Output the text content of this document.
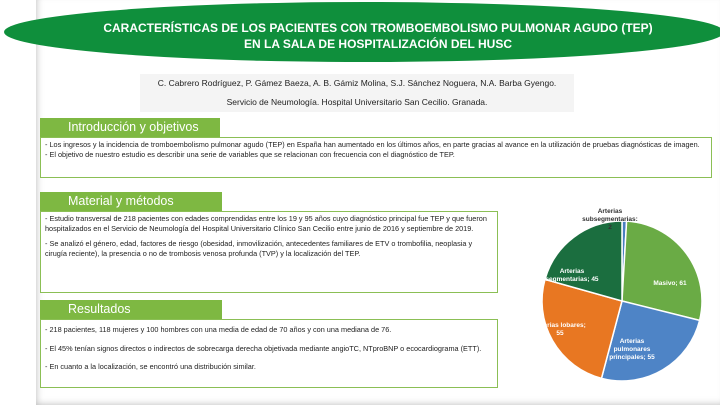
CARACTERÍSTICAS DE LOS PACIENTES CON TROMBOEMBOLISMO PULMONAR AGUDO (TEP)
EN LA SALA DE HOSPITALIZACIÓN DEL HUSC
C. Cabrero Rodríguez, P. Gámez Baeza, A. B. Gámiz Molina, S.J. Sánchez Noguera, N.A. Barba Gyengo.
Servicio de Neumología. Hospital Universitario San Cecilio. Granada.
Introducción y objetivos

- Los ingresos y la incidencia de tromboembolismo pulmonar agudo (TEP) en España han aumentado en los últimos años, en parte gracias al avance en la utilización de pruebas diagnósticas de imagen.

- El objetivo de nuestro estudio es describir una serie de variables que se relacionan con frecuencia con el diagnóstico de TEP.

Material y métodos

- Estudio transversal de 218 pacientes con edades comprendidas entre los 19 y 95 años cuyo diagnóstico principal fue TEP y que fueron hospitalizados en el Servicio de Neumología del Hospital Universitario Clínico San Cecilio entre junio de 2016 y septiembre de 2019.

- Se analizó el género, edad, factores de riesgo (obesidad, inmovilización, antecedentes familiares de ETV o trombofilia, neoplasia y cirugía reciente), la presencia o no de trombosis venosa profunda (TVP) y la localización del TEP.

Resultados

- 218 pacientes, 118 mujeres y 100 hombres con una media de edad de 70 años y con una mediana de 76.

- El 45% tenían signos directos o indirectos de sobrecarga derecha objetivada mediante angioTC, NTproBNP o ecocardiograma (ETT).

- En cuanto a la localización, se encontró una distribución similar.

Arterias subsegmentarias: 2
Masivo; 61
Arterias pulmonares principales; 55
Arterias lobares; 55
Arterias segmentarias; 45
